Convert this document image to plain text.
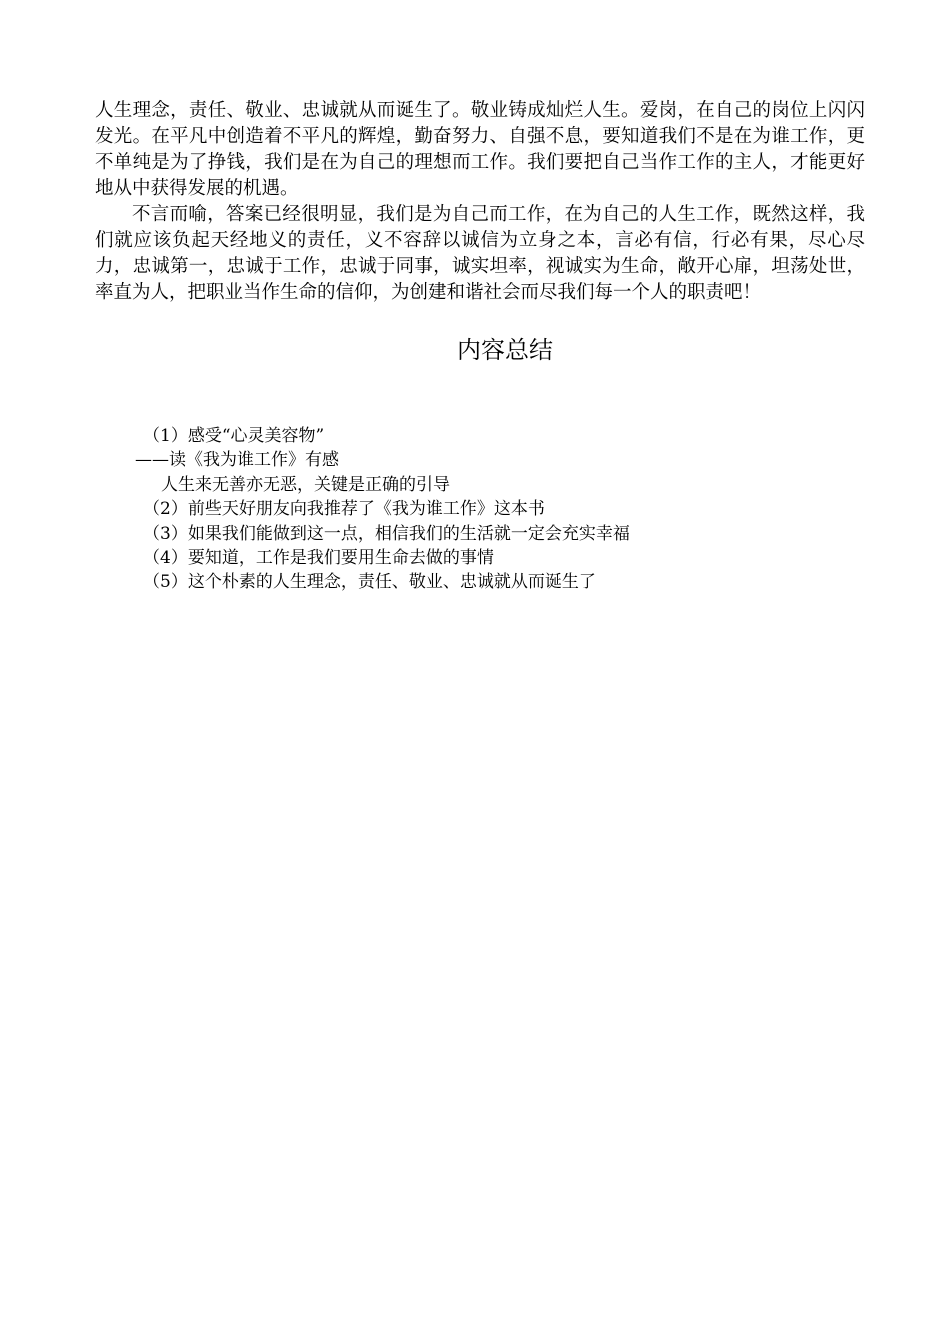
人生理念，责任、敬业、忠诚就从而诞生了。敬业铸成灿烂人生。爱岗，在自己的岗位上闪闪发光。在平凡中创造着不平凡的辉煌，勤奋努力、自强不息，要知道我们不是在为谁工作，更不单纯是为了挣钱，我们是在为自己的理想而工作。我们要把自己当作工作的主人，才能更好地从中获得发展的机遇。

不言而喻，答案已经很明显，我们是为自己而工作，在为自己的人生工作，既然这样，我们就应该负起天经地义的责任，义不容辞以诚信为立身之本，言必有信，行必有果，尽心尽力，忠诚第一，忠诚于工作，忠诚于同事，诚实坦率，视诚实为生命，敞开心扉，坦荡处世，率直为人，把职业当作生命的信仰，为创建和谐社会而尽我们每一个人的职责吧！

内容总结
（1）感受“心灵美容物”
——读《我为谁工作》有感
人生来无善亦无恶，关键是正确的引导
（2）前些天好朋友向我推荐了《我为谁工作》这本书
（3）如果我们能做到这一点，相信我们的生活就一定会充实幸福
（4）要知道，工作是我们要用生命去做的事情
（5）这个朴素的人生理念，责任、敬业、忠诚就从而诞生了
